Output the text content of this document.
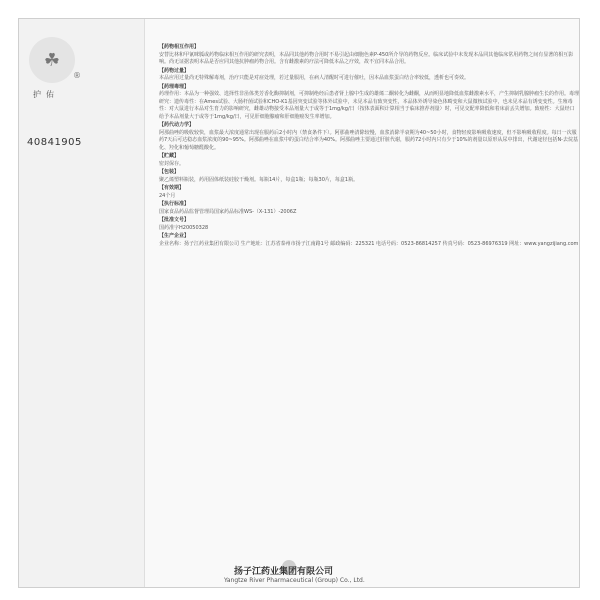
☘
®
护佑
40841905

【药物相互作用】

安替比林和甲氰咪胍或药物临床相互作用的研究表明，本品同其他药物合用时不易引起由细胞色素P-450所介导的药物反应。临床试验中未发现本品同其他临床常用药物之间有显著的相互影响。尚无证据表明本品是否应同其他抗肿瘤药物合用。含有雌激素的疗法可降低本品之疗效，故不宜同本品合用。

【药物过量】

本品应用过量尚无特殊解毒剂，治疗只能是对症处理，若过量服用，在病人清醒时可进行催吐，因本品血浆蛋白结合率较低，透析也可奏效。

【药理毒理】

药理作用：本品为一种强效、选择性非甾体类芳香化酶抑制剂，可抑制绝经后患者肾上腺中生成的雄烯二酮转化为雌酮，从而明显地降低血浆雌激素水平，产生抑制乳腺肿瘤生长的作用。毒理研究：遗传毒性：在Ames试验、大肠杆菌试验和CHO-K1基因突变试验等体外试验中，未见本品有致突变性，本品体外诱导染色体畸变和大鼠微核试验中，也未见本品有诱变变性。生殖毒性：对大鼠进行本品对生育力的影响研究，雌雄动物接受本品剂量大于或等于1mg/kg/日（按体表面积计算相当于临床推荐剂量）时，可见交配率降低和着床前丢失增加。致癌性：大鼠经口给予本品剂量大于或等于1mg/kg/日，可见肝细胞腺瘤和肝细胞癌发生率增加。

【药代动力学】

阿那曲唑的吸收较快，血浆最大浓度通常出现在服药后2小时内（禁食条件下）。阿那曲唑清除较慢，血浆消除半衰期为40~50小时，食物轻度影响吸收速度，但不影响吸收程度。每日一次服药7天后可达稳态血浆浓度的90~95%。阿那曲唑在血浆中的蛋白结合率为40%。阿那曲唑主要通过肝脏代谢，服药72小时内只有少于10%的剂量以原形从尿中排出，代谢途径包括N-去烷基化、羟化和葡萄糖醛酸化。

【贮藏】

密封保存。

【包装】

聚乙烯塑料瓶装，药用固体纸装硅胶干燥剂。每瓶14片，每盒1瓶；每瓶30片，每盒1瓶。

【有效期】

24个月

【执行标准】

国家食品药品监督管理局国家药品标准WS-（X-131）-2006Z

【批准文号】

国药准字H20050328

【生产企业】

企业名称：扬子江药业集团有限公司 生产地址：江苏省泰州市扬子江南路1号 邮政编码：225321 电话号码：0523-86814257 传真号码：0523-86976319 网址：www.yangzijiang.com

扬子江药业集团有限公司
Yangtze River Pharmaceutical (Group) Co., Ltd.
